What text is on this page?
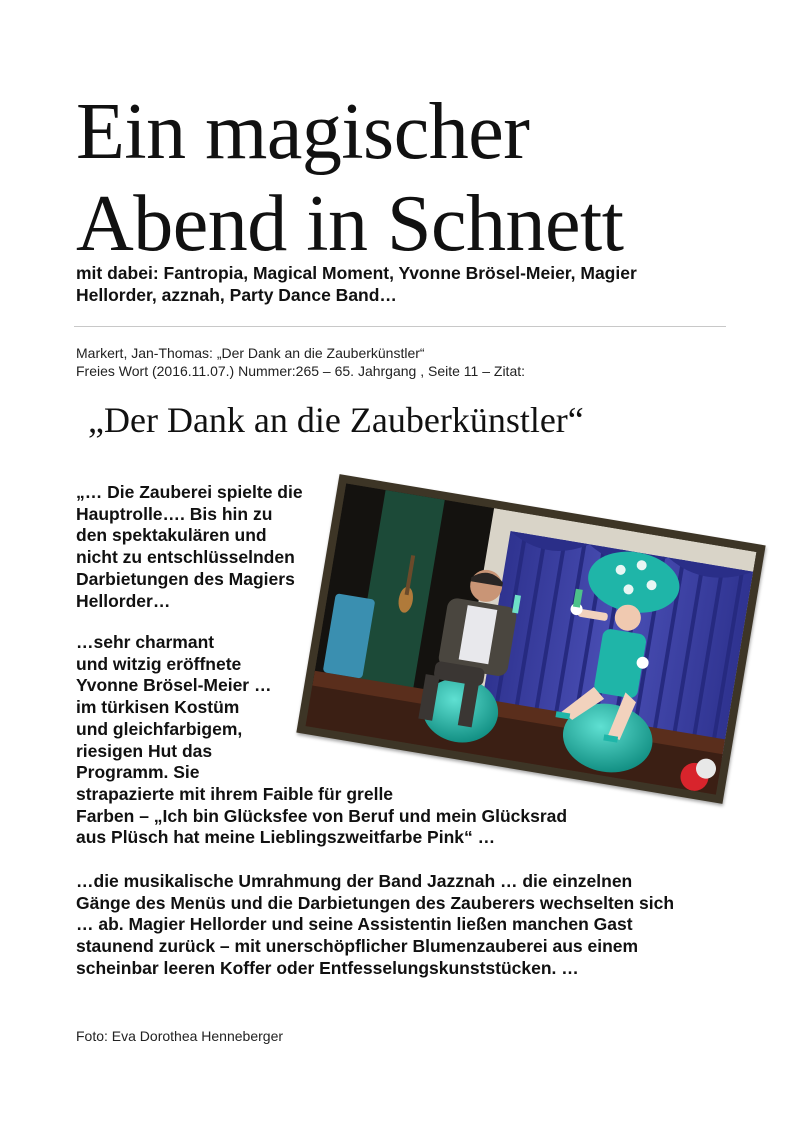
Ein magischer
Abend in Schnett
mit dabei: Fantropia, Magical Moment, Yvonne Brösel-Meier, Magier
Hellorder, azznah, Party Dance Band…
Markert, Jan-Thomas: „Der Dank an die Zauberkünstler“
Freies Wort (2016.11.07.) Nummer:265 – 65. Jahrgang , Seite 11 – Zitat:
„Der Dank an die Zauberkünstler“
„… Die Zauberei spielte die
Hauptrolle…. Bis hin zu
den spektakulären und
nicht zu entschlüsselnden
Darbietungen des Magiers
Hellorder…
…sehr charmant
und witzig eröffnete
Yvonne Brösel-Meier …
im türkisen Kostüm
und gleichfarbigem,
riesigen Hut das
Programm. Sie
strapazierte mit ihrem Faible für grelle
Farben – „Ich bin Glücksfee von Beruf und mein Glücksrad
aus Plüsch hat meine Lieblingszweitfarbe Pink“ …
…die musikalische Umrahmung der Band Jazznah … die einzelnen
Gänge des Menüs und die Darbietungen des Zauberers wechselten sich
… ab. Magier Hellorder und seine Assistentin ließen manchen Gast
staunend zurück – mit unerschöpflicher Blumenzauberei aus einem
scheinbar leeren Koffer oder Entfesselungskunststücken. …
Foto: Eva Dorothea Henneberger
